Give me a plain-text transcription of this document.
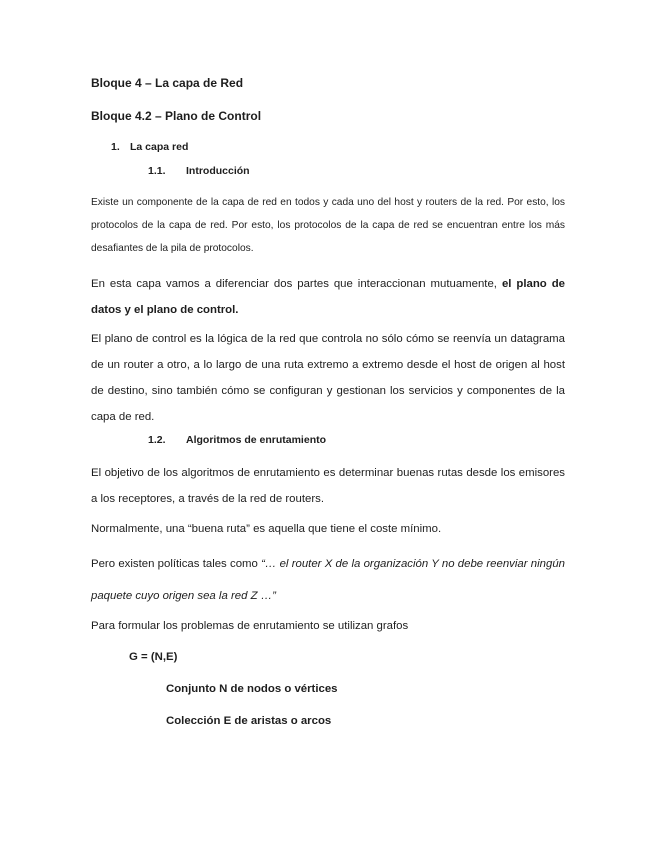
Bloque 4 – La capa de Red
Bloque 4.2 – Plano de Control
1. La capa red
1.1. Introducción

Existe un componente de la capa de red en todos y cada uno del host y routers de la red. Por esto, los protocolos de la capa de red. Por esto, los protocolos de la capa de red se encuentran entre los más desafiantes de la pila de protocolos.

En esta capa vamos a diferenciar dos partes que interaccionan mutuamente, el plano de datos y el plano de control.

El plano de control es la lógica de la red que controla no sólo cómo se reenvía un datagrama de un router a otro, a lo largo de una ruta extremo a extremo desde el host de origen al host de destino, sino también cómo se configuran y gestionan los servicios y componentes de la capa de red.

1.2. Algoritmos de enrutamiento

El objetivo de los algoritmos de enrutamiento es determinar buenas rutas desde los emisores a los receptores, a través de la red de routers.

Normalmente, una “buena ruta” es aquella que tiene el coste mínimo.

Pero existen políticas tales como “… el router X de la organización Y no debe reenviar ningún paquete cuyo origen sea la red Z …”

Para formular los problemas de enrutamiento se utilizan grafos

G = (N,E)
Conjunto N de nodos o vértices
Colección E de aristas o arcos
